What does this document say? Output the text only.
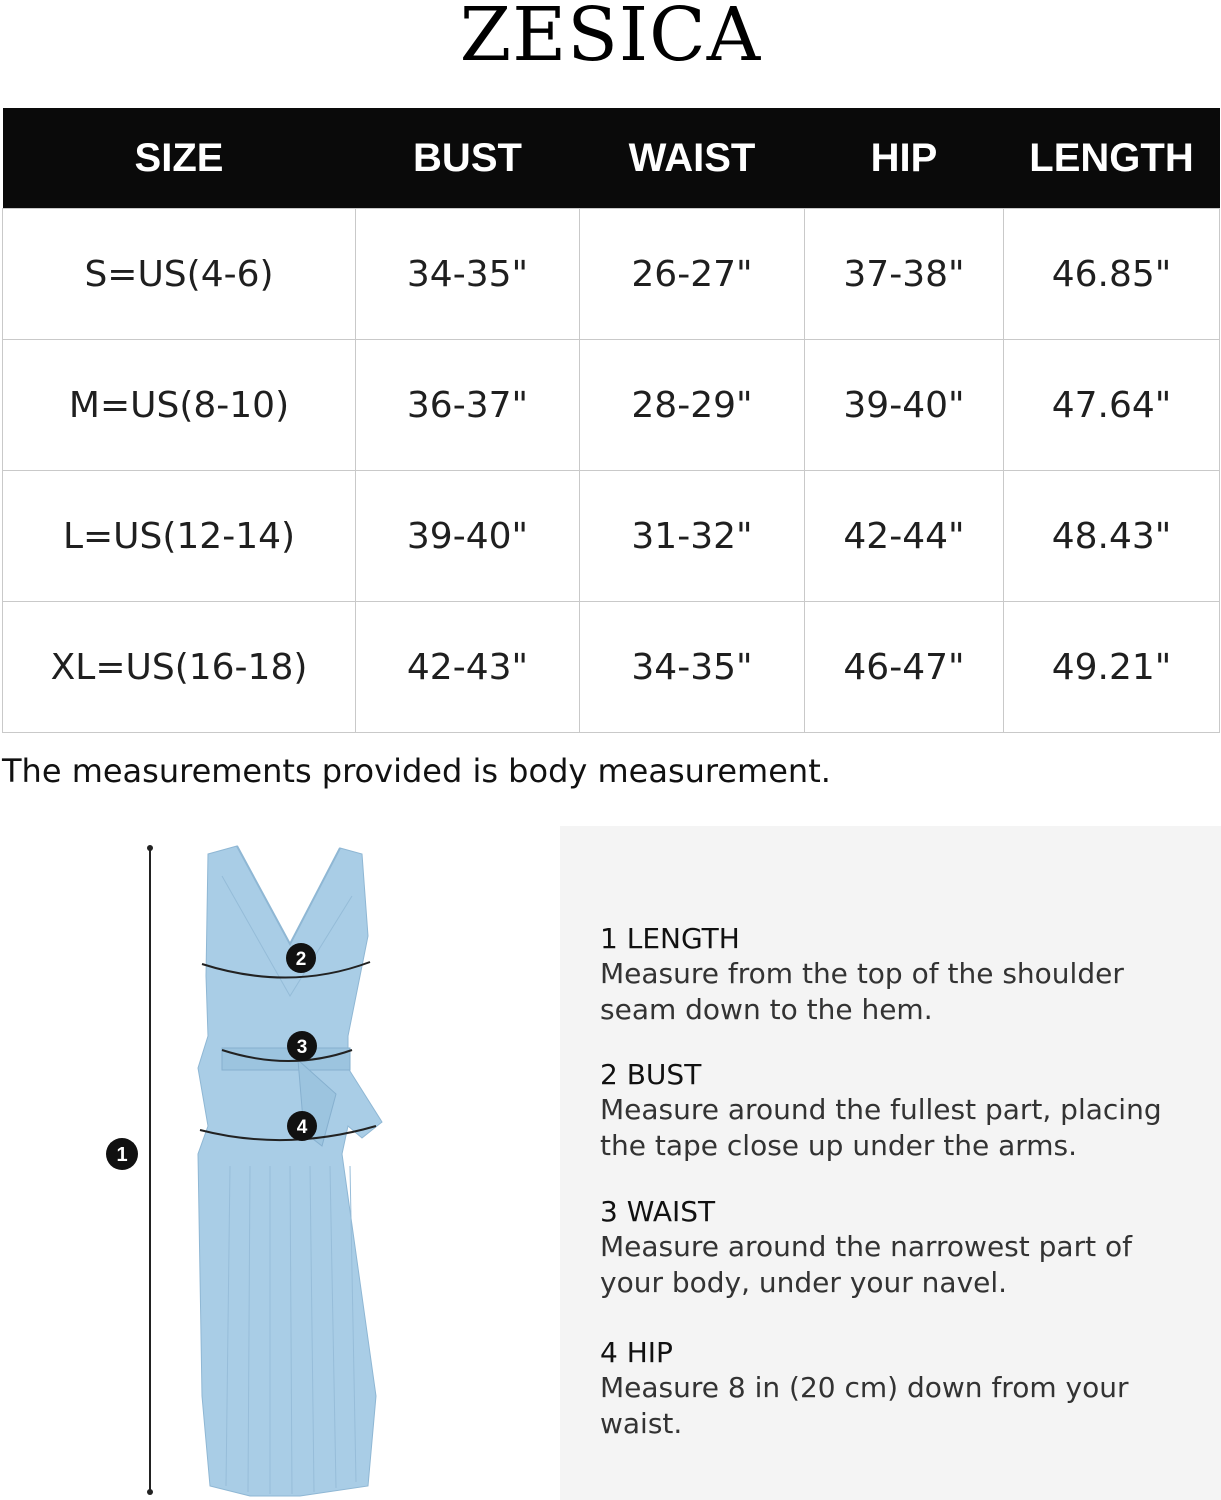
ZESICA
SIZE	BUST	WAIST	HIP	LENGTH
S=US(4-6)	34-35"	26-27"	37-38"	46.85"
M=US(8-10)	36-37"	28-29"	39-40"	47.64"
L=US(12-14)	39-40"	31-32"	42-44"	48.43"
XL=US(16-18)	42-43"	34-35"	46-47"	49.21"
The measurements provided is body measurement.
1 LENGTH
Measure from the top of the shoulder
seam down to the hem.
2 BUST
Measure around the fullest part, placing
the tape close up under the arms.
3 WAIST
Measure around the narrowest part of
your body, under your navel.
4 HIP
Measure 8 in (20 cm) down from your waist.
1
2
3
4
